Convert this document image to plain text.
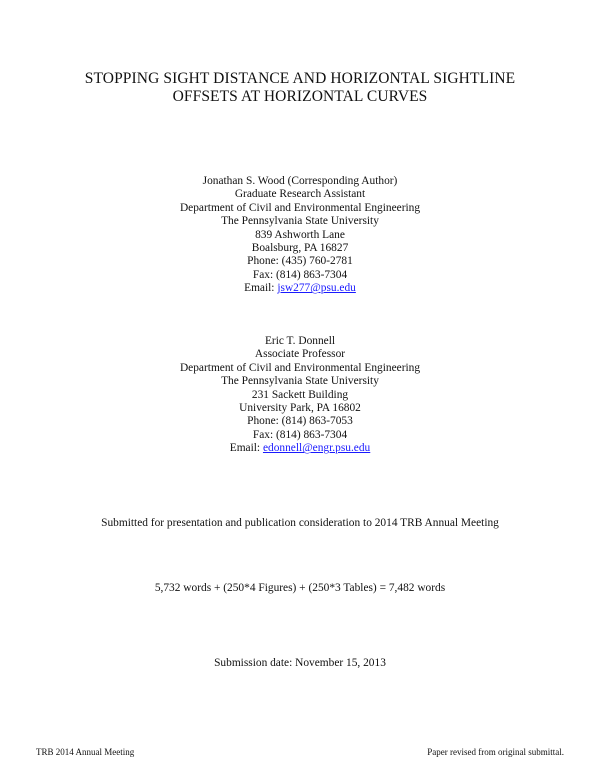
STOPPING SIGHT DISTANCE AND HORIZONTAL SIGHTLINE
OFFSETS AT HORIZONTAL CURVES
Jonathan S. Wood (Corresponding Author)
Graduate Research Assistant
Department of Civil and Environmental Engineering
The Pennsylvania State University
839 Ashworth Lane
Boalsburg, PA 16827
Phone: (435) 760-2781
Fax: (814) 863-7304
Email: jsw277@psu.edu
Eric T. Donnell
Associate Professor
Department of Civil and Environmental Engineering
The Pennsylvania State University
231 Sackett Building
University Park, PA 16802
Phone: (814) 863-7053
Fax: (814) 863-7304
Email: edonnell@engr.psu.edu
Submitted for presentation and publication consideration to 2014 TRB Annual Meeting
5,732 words + (250*4 Figures) + (250*3 Tables) = 7,482 words
Submission date: November 15, 2013
TRB 2014 Annual Meeting	Paper revised from original submittal.
